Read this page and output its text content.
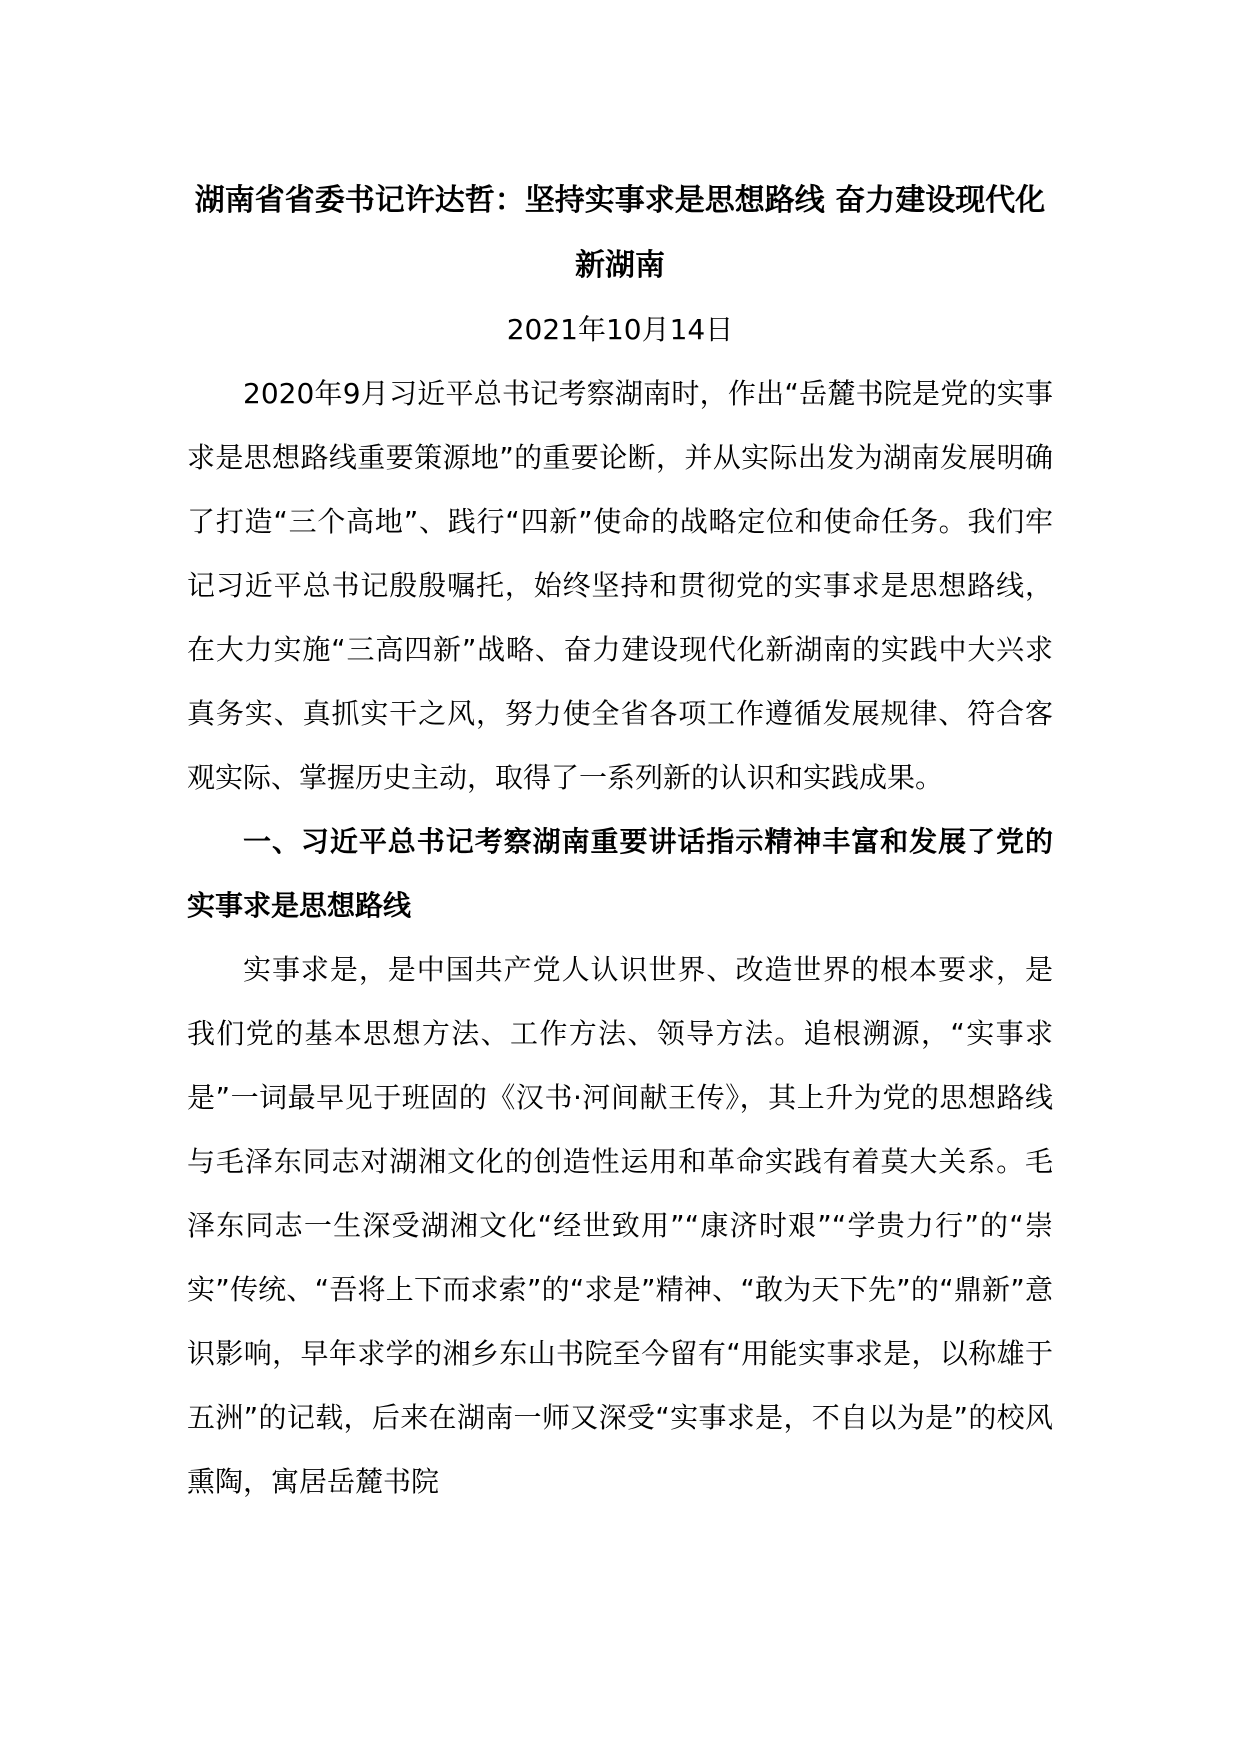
湖南省省委书记许达哲：坚持实事求是思想路线 奋力建设现代化新湖南

2021年10月14日

2020年9月习近平总书记考察湖南时，作出“岳麓书院是党的实事求是思想路线重要策源地”的重要论断，并从实际出发为湖南发展明确了打造“三个高地”、践行“四新”使命的战略定位和使命任务。我们牢记习近平总书记殷殷嘱托，始终坚持和贯彻党的实事求是思想路线，在大力实施“三高四新”战略、奋力建设现代化新湖南的实践中大兴求真务实、真抓实干之风，努力使全省各项工作遵循发展规律、符合客观实际、掌握历史主动，取得了一系列新的认识和实践成果。

一、习近平总书记考察湖南重要讲话指示精神丰富和发展了党的实事求是思想路线

实事求是，是中国共产党人认识世界、改造世界的根本要求，是我们党的基本思想方法、工作方法、领导方法。追根溯源，“实事求是”一词最早见于班固的《汉书·河间献王传》，其上升为党的思想路线与毛泽东同志对湖湘文化的创造性运用和革命实践有着莫大关系。毛泽东同志一生深受湖湘文化“经世致用”“康济时艰”“学贵力行”的“崇实”传统、“吾将上下而求索”的“求是”精神、“敢为天下先”的“鼎新”意识影响，早年求学的湘乡东山书院至今留有“用能实事求是，以称雄于五洲”的记载，后来在湖南一师又深受“实事求是，不自以为是”的校风熏陶，寓居岳麓书院
